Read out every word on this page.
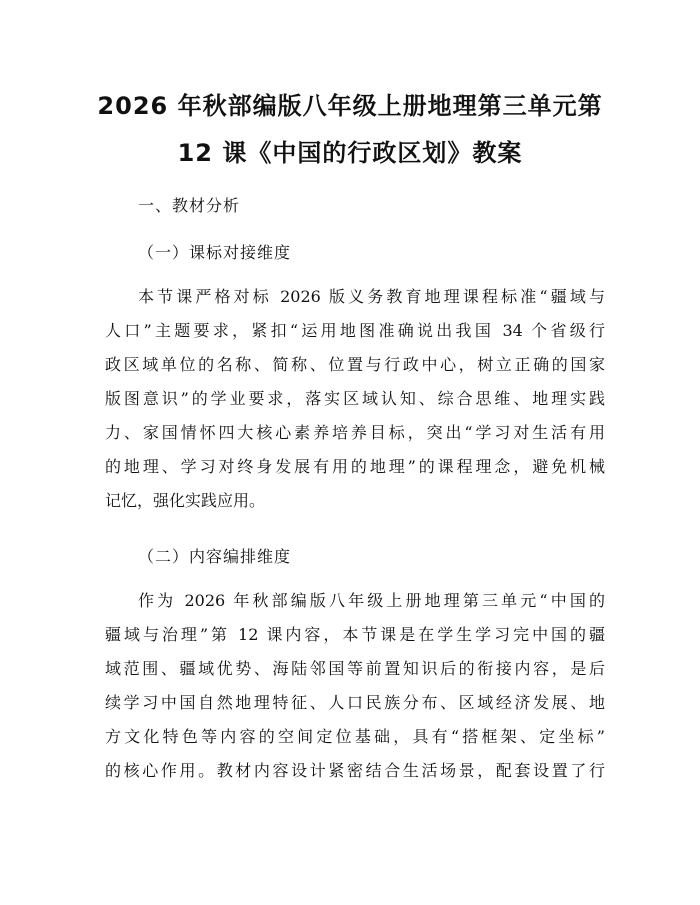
2026 年秋部编版八年级上册地理第三单元第
12 课《中国的行政区划》教案
一、教材分析
（一）课标对接维度
本节课严格对标 2026 版义务教育地理课程标准“疆域与
人口”主题要求，紧扣“运用地图准确说出我国 34 个省级行
政区域单位的名称、简称、位置与行政中心，树立正确的国家
版图意识”的学业要求，落实区域认知、综合思维、地理实践
力、家国情怀四大核心素养培养目标，突出“学习对生活有用
的地理、学习对终身发展有用的地理”的课程理念，避免机械
记忆，强化实践应用。
（二）内容编排维度
作为 2026 年秋部编版八年级上册地理第三单元“中国的
疆域与治理”第 12 课内容，本节课是在学生学习完中国的疆
域范围、疆域优势、海陆邻国等前置知识后的衔接内容，是后
续学习中国自然地理特征、人口民族分布、区域经济发展、地
方文化特色等内容的空间定位基础，具有“搭框架、定坐标”
的核心作用。教材内容设计紧密结合生活场景，配套设置了行
